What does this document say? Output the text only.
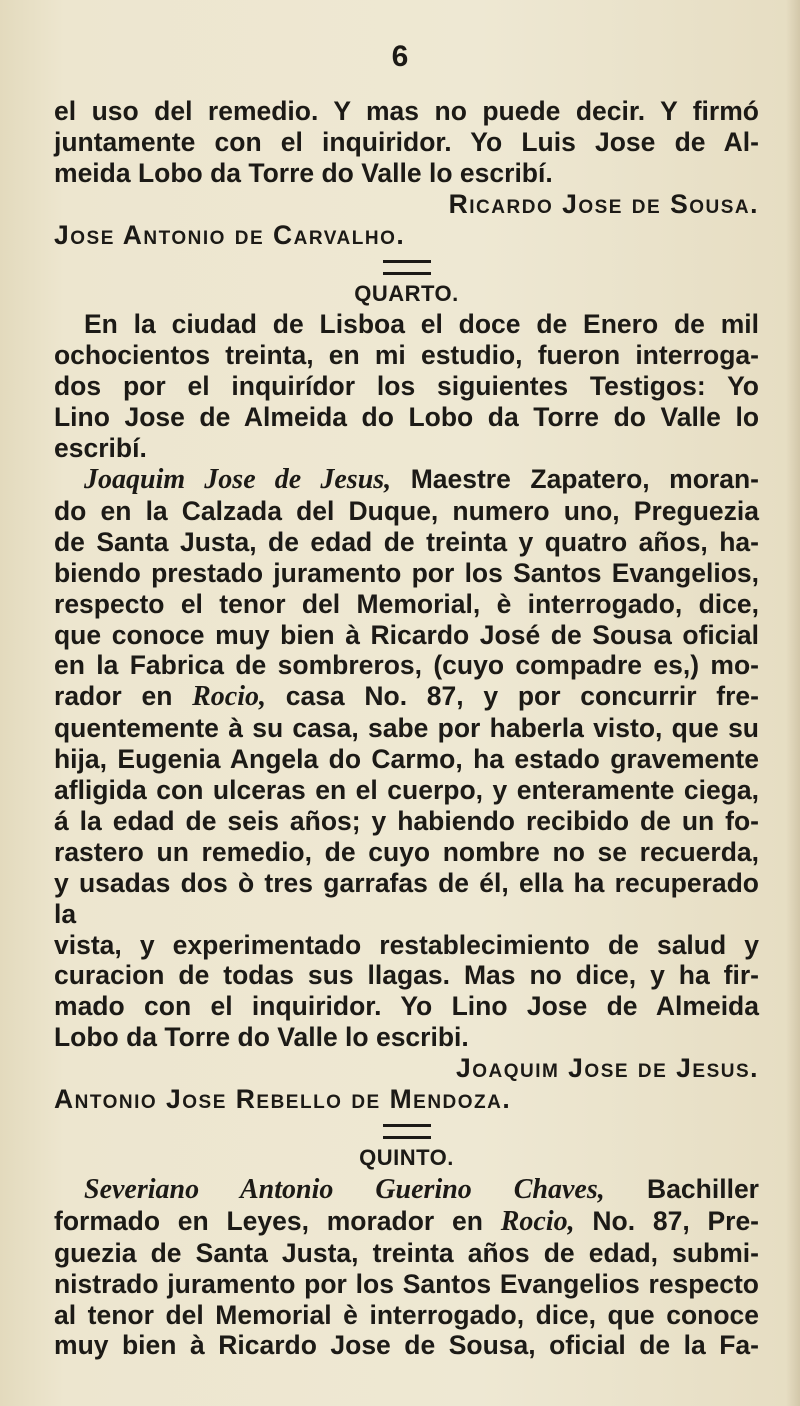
6
el uso del remedio. Y mas no puede decir. Y firmó
juntamente con el inquiridor. Yo Luis Jose de Al-
meida Lobo da Torre do Valle lo escribí.
Ricardo Jose de Sousa.
Jose Antonio de Carvalho.
QUARTO.
En la ciudad de Lisboa el doce de Enero de mil
ochocientos treinta, en mi estudio, fueron interroga-
dos por el inquirídor los siguientes Testigos: Yo
Lino Jose de Almeida do Lobo da Torre do Valle lo
escribí.
Joaquim Jose de Jesus, Maestre Zapatero, moran-
do en la Calzada del Duque, numero uno, Preguezia
de Santa Justa, de edad de treinta y quatro años, ha-
biendo prestado juramento por los Santos Evangelios,
respecto el tenor del Memorial, è interrogado, dice,
que conoce muy bien à Ricardo José de Sousa oficial
en la Fabrica de sombreros, (cuyo compadre es,) mo-
rador en Rocio, casa No. 87, y por concurrir fre-
quentemente à su casa, sabe por haberla visto, que su
hija, Eugenia Angela do Carmo, ha estado gravemente
afligida con ulceras en el cuerpo, y enteramente ciega,
á la edad de seis años; y habiendo recibido de un fo-
rastero un remedio, de cuyo nombre no se recuerda,
y usadas dos ò tres garrafas de él, ella ha recuperado la
vista, y experimentado restablecimiento de salud y
curacion de todas sus llagas. Mas no dice, y ha fir-
mado con el inquiridor. Yo Lino Jose de Almeida
Lobo da Torre do Valle lo escribi.
Joaquim Jose de Jesus.
Antonio Jose Rebello de Mendoza.
QUINTO.
Severiano Antonio Guerino Chaves, Bachiller
formado en Leyes, morador en Rocio, No. 87, Pre-
guezia de Santa Justa, treinta años de edad, submi-
nistrado juramento por los Santos Evangelios respecto
al tenor del Memorial è interrogado, dice, que conoce
muy bien à Ricardo Jose de Sousa, oficial de la Fa-
